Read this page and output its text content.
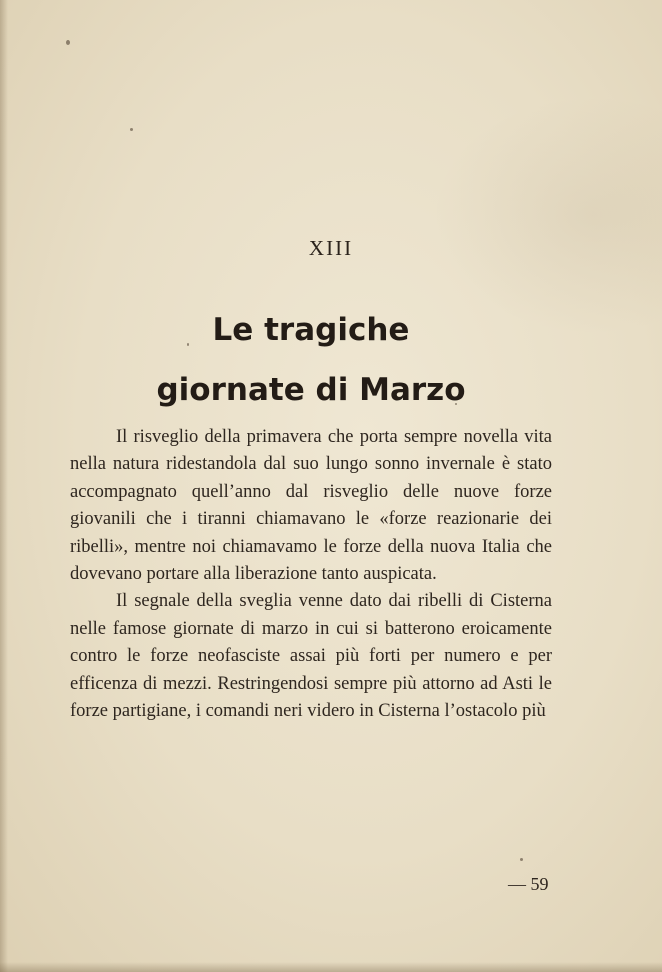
XIII
Le tragiche
giornate di Marzo

Il risveglio della primavera che porta sempre novella vita nella natura ridestandola dal suo lungo sonno invernale è stato accompagnato quell’anno dal risveglio delle nuove forze giovanili che i tiranni chiamavano le «forze reazionarie dei ribelli», mentre noi chiamavamo le forze della nuova Italia che dovevano portare alla liberazione tanto auspicata.

Il segnale della sveglia venne dato dai ribelli di Cisterna nelle famose giornate di marzo in cui si batterono eroicamente contro le forze neofasciste assai più forti per numero e per efficenza di mezzi. Restringendosi sempre più attorno ad Asti le forze partigiane, i comandi neri videro in Cisterna l’ostacolo più

— 59
